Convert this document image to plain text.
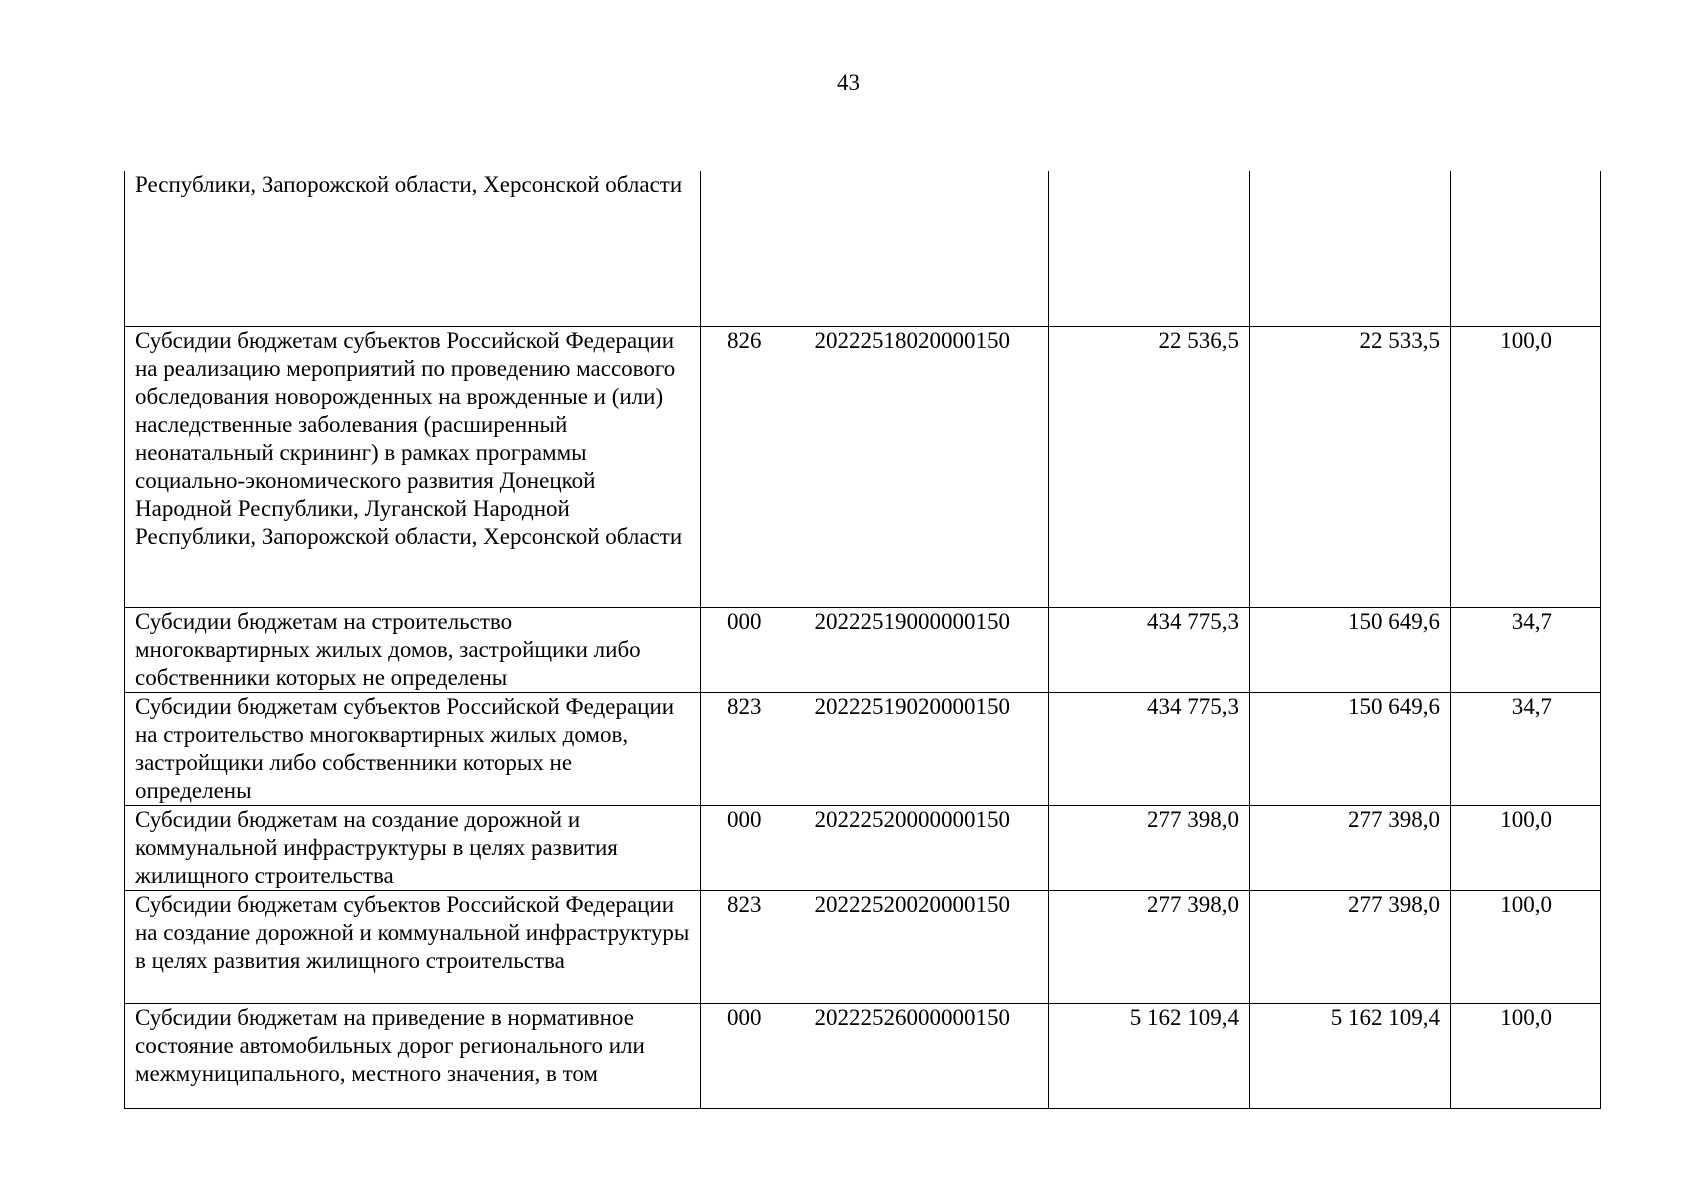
43
Республики, Запорожской области, Херсонской области				
Субсидии бюджетам субъектов Российской Федерации на реализацию мероприятий по проведению массового обследования новорожденных на врожденные и (или) наследственные заболевания (расширенный неонатальный скрининг) в рамках программы социально-экономического развития Донецкой Народной Республики, Луганской Народной Республики, Запорожской области, Херсонской области	826 20222518020000150	22 536,5	22 533,5	100,0
Субсидии бюджетам на строительство многоквартирных жилых домов, застройщики либо собственники которых не определены	000 20222519000000150	434 775,3	150 649,6	34,7
Субсидии бюджетам субъектов Российской Федерации на строительство многоквартирных жилых домов, застройщики либо собственники которых не определены	823 20222519020000150	434 775,3	150 649,6	34,7
Субсидии бюджетам на создание дорожной и коммунальной инфраструктуры в целях развития жилищного строительства	000 20222520000000150	277 398,0	277 398,0	100,0
Субсидии бюджетам субъектов Российской Федерации на создание дорожной и коммунальной инфраструктуры в целях развития жилищного строительства	823 20222520020000150	277 398,0	277 398,0	100,0
Субсидии бюджетам на приведение в нормативное состояние автомобильных дорог регионального или межмуниципального, местного значения, в том	000 20222526000000150	5 162 109,4	5 162 109,4	100,0
